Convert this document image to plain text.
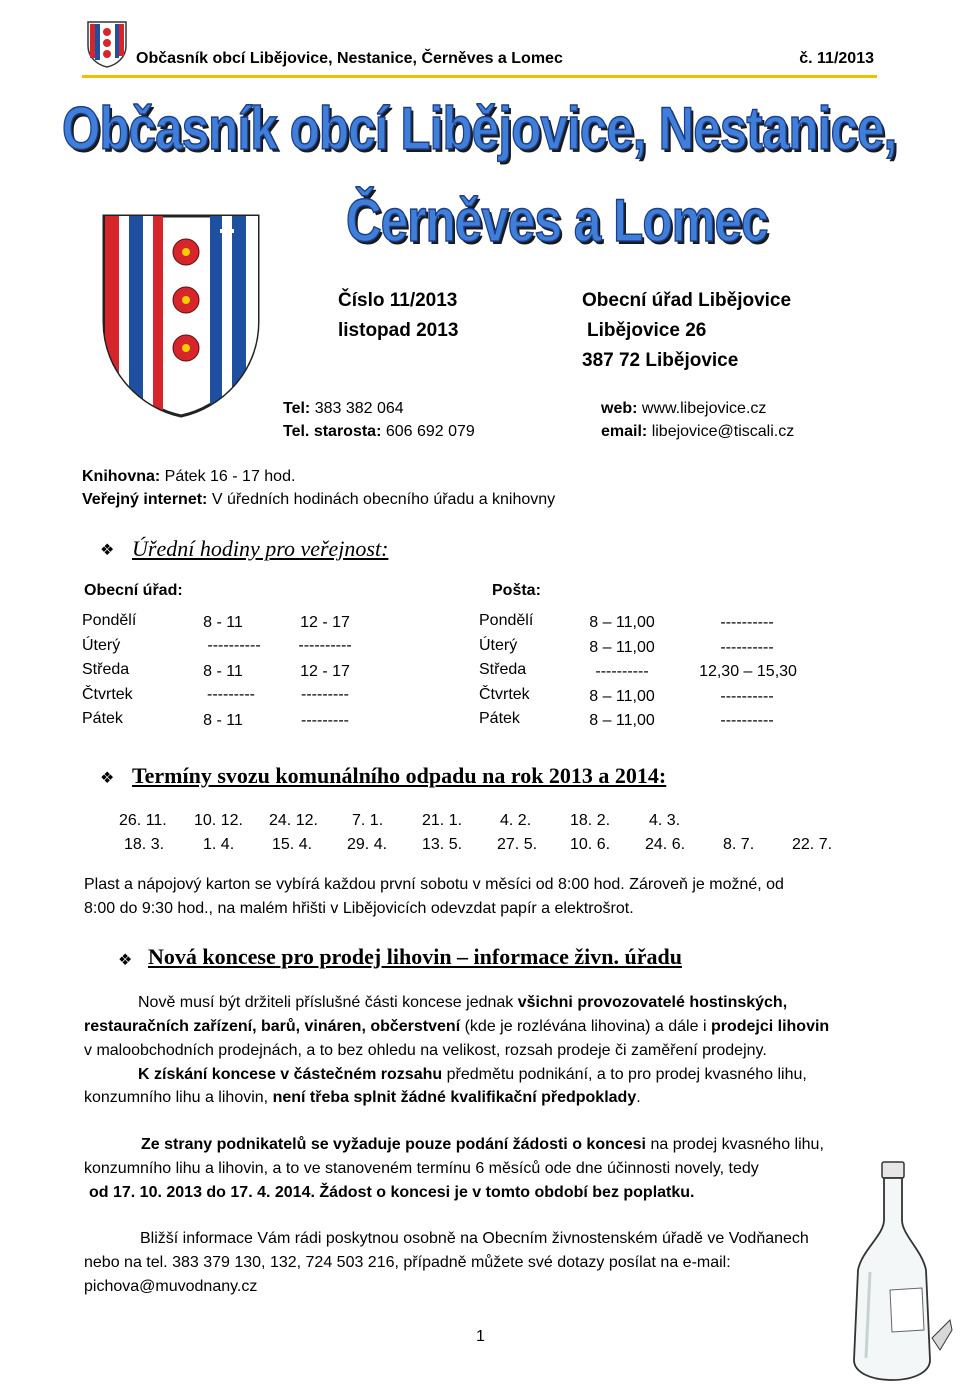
Občasník obcí Libějovice, Nestanice, Černěves a Lomec	č. 11/2013
Občasník obcí Libějovice, Nestanice,
Černěves a Lomec
Číslo 11/2013
listopad 2013
Obecní úřad Libějovice
Libějovice 26
387 72 Libějovice
Tel: 383 382 064
Tel. starosta: 606 692 079
web: www.libejovice.cz
email: libejovice@tiscali.cz
Knihovna: Pátek 16 - 17 hod.
Veřejný internet: V úředních hodinách obecního úřadu a knihovny
❖ Úřední hodiny pro veřejnost:
Obecní úřad:	Pošta:
Pondělí	8 - 11	12 - 17
Úterý	----------	----------
Středa	8 - 11	12 - 17
Čtvrtek	---------	---------
Pátek	8 - 11	---------
Pondělí	8 – 11,00	----------
Úterý	8 – 11,00	----------
Středa	----------	12,30 – 15,30
Čtvrtek	8 – 11,00	----------
Pátek	8 – 11,00	----------
❖ Termíny svozu komunálního odpadu na rok 2013 a 2014:
26. 11. 10. 12. 24. 12. 7. 1. 21. 1. 4. 2. 18. 2. 4. 3.
18. 3. 1. 4. 15. 4. 29. 4. 13. 5. 27. 5. 10. 6. 24. 6. 8. 7. 22. 7.
Plast a nápojový karton se vybírá každou první sobotu v měsíci od 8:00 hod. Zároveň je možné, od
8:00 do 9:30 hod., na malém hřišti v Libějovicích odevzdat papír a elektrošrot.
❖ Nová koncese pro prodej lihovin – informace živn. úřadu
Nově musí být držiteli příslušné části koncese jednak všichni provozovatelé hostinských,
restauračních zařízení, barů, vináren, občerstvení (kde je rozlévána lihovina) a dále i prodejci lihovin
v maloobchodních prodejnách, a to bez ohledu na velikost, rozsah prodeje či zaměření prodejny.
K získání koncese v částečném rozsahu předmětu podnikání, a to pro prodej kvasného lihu,
konzumního lihu a lihovin, není třeba splnit žádné kvalifikační předpoklady.
Ze strany podnikatelů se vyžaduje pouze podání žádosti o koncesi na prodej kvasného lihu,
konzumního lihu a lihovin, a to ve stanoveném termínu 6 měsíců ode dne účinnosti novely, tedy
od 17. 10. 2013 do 17. 4. 2014. Žádost o koncesi je v tomto období bez poplatku.
Bližší informace Vám rádi poskytnou osobně na Obecním živnostenském úřadě ve Vodňanech
nebo na tel. 383 379 130, 132, 724 503 216, případně můžete své dotazy posílat na e-mail:
pichova@muvodnany.cz
1
